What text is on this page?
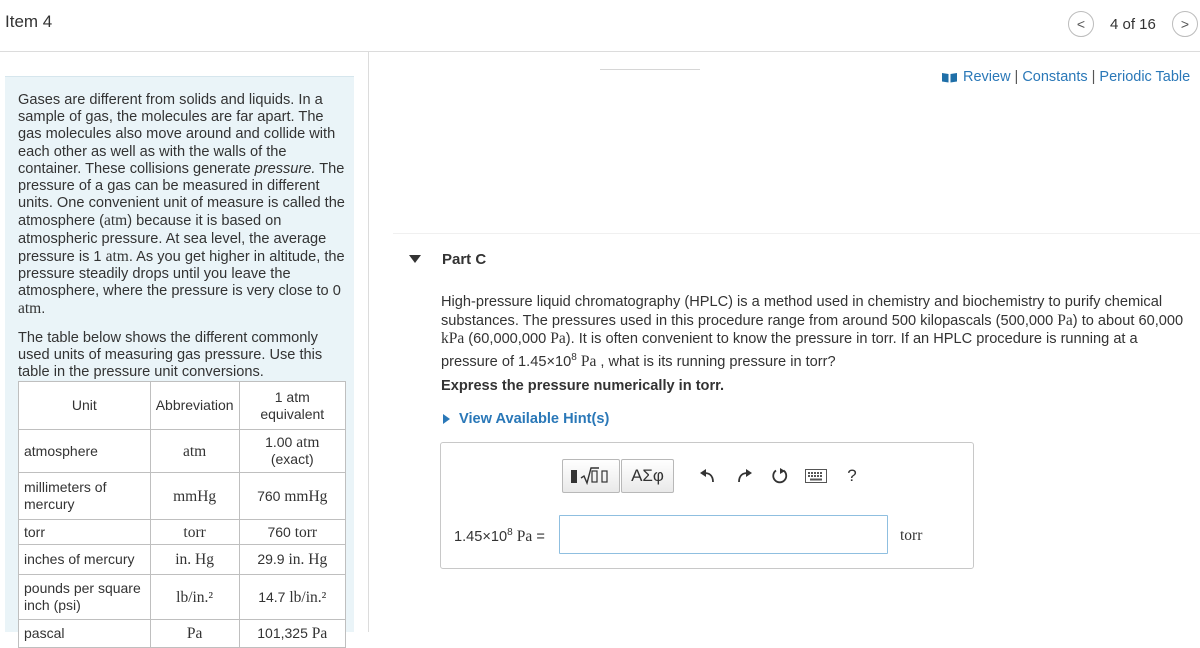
Item 4	< 4 of 16 >

Gases are different from solids and liquids. In a sample of gas, the molecules are far apart. The gas molecules also move around and collide with each other as well as with the walls of the container. These collisions generate pressure. The pressure of a gas can be measured in different units. One convenient unit of measure is called the atmosphere (atm) because it is based on atmospheric pressure. At sea level, the average pressure is 1 atm. As you get higher in altitude, the pressure steadily drops until you leave the atmosphere, where the pressure is very close to 0 atm.

The table below shows the different commonly used units of measuring gas pressure. Use this table in the pressure unit conversions.

Unit	Abbreviation	1 atm equivalent
atmosphere	atm	1.00 atm
(exact)
millimeters of mercury	mmHg	760 mmHg
torr	torr	760 torr
inches of mercury	in. Hg	29.9 in. Hg
pounds per square inch (psi)	lb/in.²	14.7 lb/in.²
pascal	Pa	101,325 Pa
Review | Constants | Periodic Table
Part C

High-pressure liquid chromatography (HPLC) is a method used in chemistry and biochemistry to purify chemical substances. The pressures used in this procedure range from around 500 kilopascals (500,000 Pa) to about 60,000 kPa (60,000,000 Pa). It is often convenient to know the pressure in torr. If an HPLC procedure is running at a pressure of $1.45\times 10^8$ Pa , what is its running pressure in torr?

Express the pressure numerically in torr.
View Available Hint(s)
ΑΣφ	?
$1.45\times 10^8$ Pa =	torr
